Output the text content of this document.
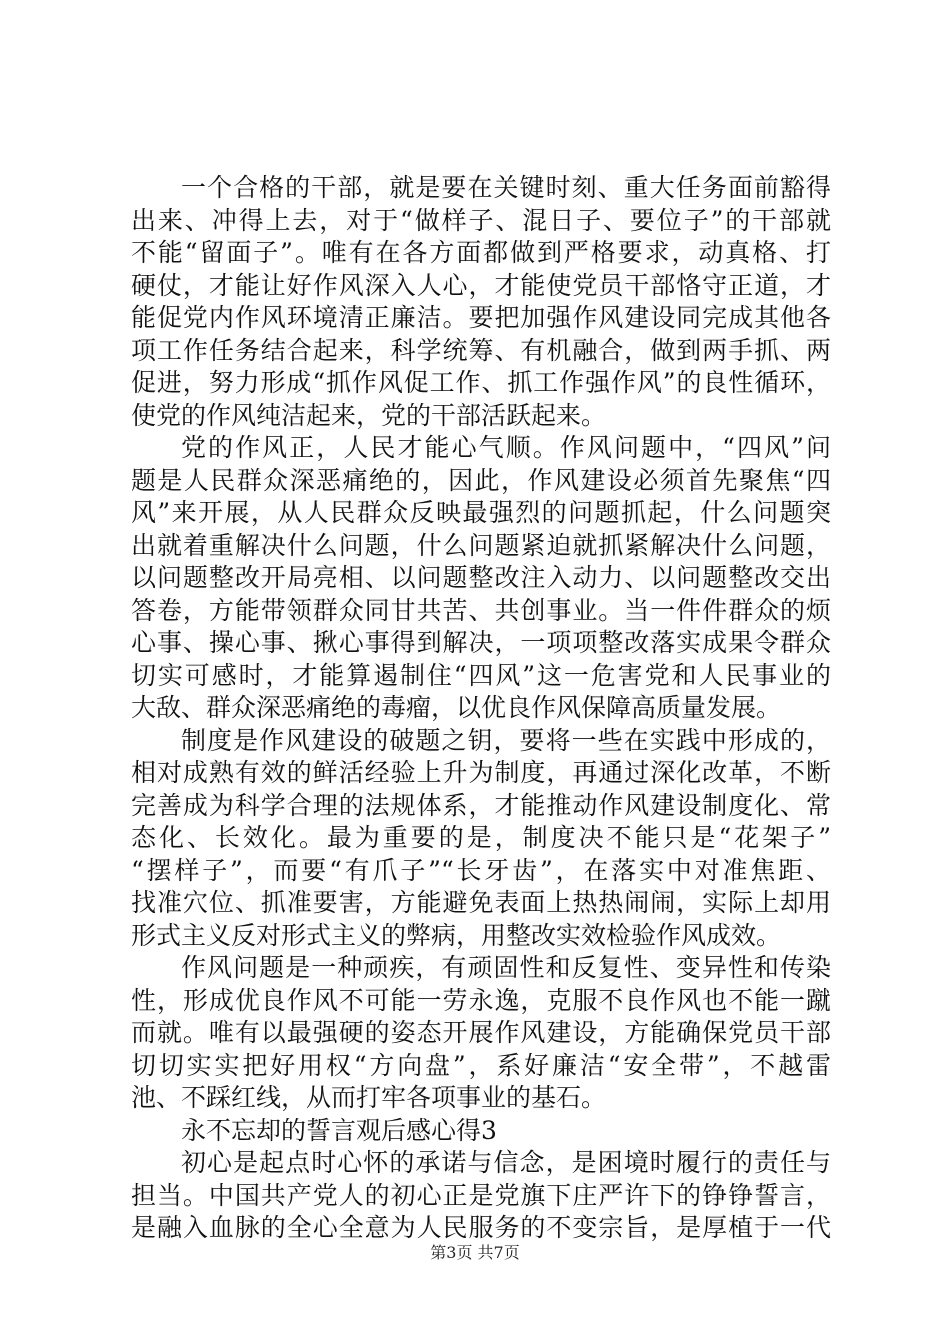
一个合格的干部，就是要在关键时刻、重大任务面前豁得
出来、冲得上去，对于“做样子、混日子、要位子”的干部就
不能“留面子”。唯有在各方面都做到严格要求，动真格、打
硬仗，才能让好作风深入人心，才能使党员干部恪守正道，才
能促党内作风环境清正廉洁。要把加强作风建设同完成其他各
项工作任务结合起来，科学统筹、有机融合，做到两手抓、两
促进，努力形成“抓作风促工作、抓工作强作风”的良性循环，
使党的作风纯洁起来，党的干部活跃起来。
党的作风正，人民才能心气顺。作风问题中，“四风”问
题是人民群众深恶痛绝的，因此，作风建设必须首先聚焦“四
风”来开展，从人民群众反映最强烈的问题抓起，什么问题突
出就着重解决什么问题，什么问题紧迫就抓紧解决什么问题，
以问题整改开局亮相、以问题整改注入动力、以问题整改交出
答卷，方能带领群众同甘共苦、共创事业。当一件件群众的烦
心事、操心事、揪心事得到解决，一项项整改落实成果令群众
切实可感时，才能算遏制住“四风”这一危害党和人民事业的
大敌、群众深恶痛绝的毒瘤，以优良作风保障高质量发展。
制度是作风建设的破题之钥，要将一些在实践中形成的，
相对成熟有效的鲜活经验上升为制度，再通过深化改革，不断
完善成为科学合理的法规体系，才能推动作风建设制度化、常
态化、长效化。最为重要的是，制度决不能只是“花架子”
“摆样子”，而要“有爪子”“长牙齿”，在落实中对准焦距、
找准穴位、抓准要害，方能避免表面上热热闹闹，实际上却用
形式主义反对形式主义的弊病，用整改实效检验作风成效。
作风问题是一种顽疾，有顽固性和反复性、变异性和传染
性，形成优良作风不可能一劳永逸，克服不良作风也不能一蹴
而就。唯有以最强硬的姿态开展作风建设，方能确保党员干部
切切实实把好用权“方向盘”，系好廉洁“安全带”，不越雷
池、不踩红线，从而打牢各项事业的基石。
永不忘却的誓言观后感心得3
初心是起点时心怀的承诺与信念，是困境时履行的责任与
担当。中国共产党人的初心正是党旗下庄严许下的铮铮誓言，
是融入血脉的全心全意为人民服务的不变宗旨，是厚植于一代
第3页 共7页
